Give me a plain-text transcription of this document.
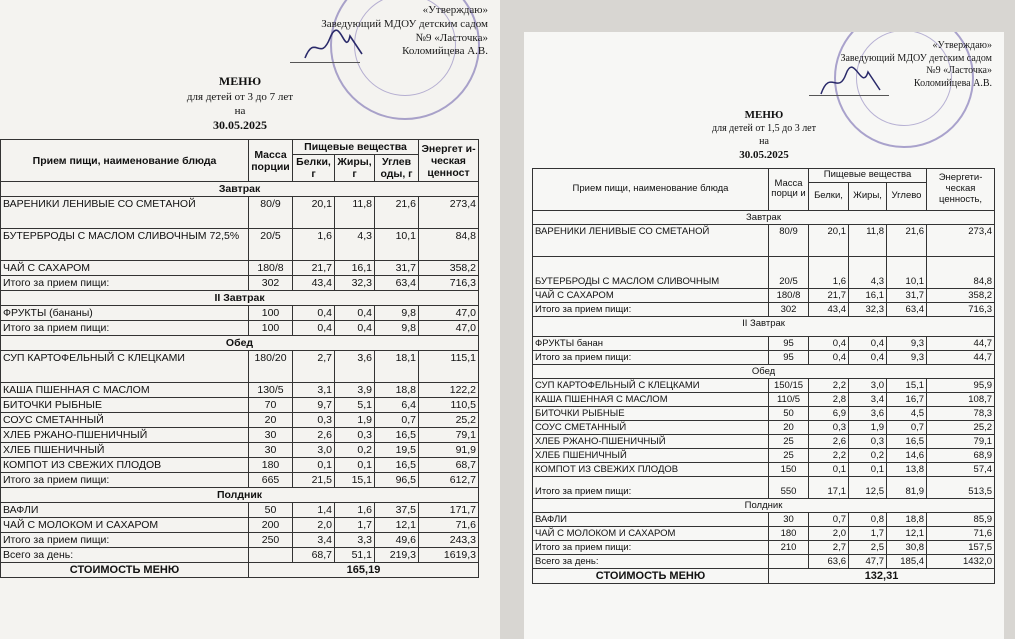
«Утверждаю»
Заведующий МДОУ детским садом
№9 «Ласточка»
Коломийцева А.В.
МЕНЮ
для детей от 3 до 7 лет
на
30.05.2025
Прием пищи, наименование блюда	Масса порции	Пищевые вещества			Энергет и-ческая ценност
		Белки, г	Жиры, г	Углев оды, г	
Завтрак					
ВАРЕНИКИ ЛЕНИВЫЕ СО СМЕТАНОЙ	80/9	20,1	11,8	21,6	273,4
БУТЕРБРОДЫ С МАСЛОМ СЛИВОЧНЫМ 72,5%	20/5	1,6	4,3	10,1	84,8
ЧАЙ С САХАРОМ	180/8	21,7	16,1	31,7	358,2
Итого за прием пищи:	302	43,4	32,3	63,4	716,3
II Завтрак					
ФРУКТЫ (бананы)	100	0,4	0,4	9,8	47,0
Итого за прием пищи:	100	0,4	0,4	9,8	47,0
Обед					
СУП КАРТОФЕЛЬНЫЙ С КЛЕЦКАМИ	180/20	2,7	3,6	18,1	115,1
КАША ПШЕННАЯ С МАСЛОМ	130/5	3,1	3,9	18,8	122,2
БИТОЧКИ РЫБНЫЕ	70	9,7	5,1	6,4	110,5
СОУС СМЕТАННЫЙ	20	0,3	1,9	0,7	25,2
ХЛЕБ РЖАНО-ПШЕНИЧНЫЙ	30	2,6	0,3	16,5	79,1
ХЛЕБ ПШЕНИЧНЫЙ	30	3,0	0,2	19,5	91,9
КОМПОТ ИЗ СВЕЖИХ ПЛОДОВ	180	0,1	0,1	16,5	68,7
Итого за прием пищи:	665	21,5	15,1	96,5	612,7
Полдник					
ВАФЛИ	50	1,4	1,6	37,5	171,7
ЧАЙ С МОЛОКОМ И САХАРОМ	200	2,0	1,7	12,1	71,6
Итого за прием пищи:	250	3,4	3,3	49,6	243,3
Всего за день:		68,7	51,1	219,3	1619,3
СТОИМОСТЬ МЕНЮ	165,19				
«Утверждаю»
Заведующий МДОУ детским садом
№9 «Ласточка»
Коломийцева А.В.
МЕНЮ
для детей от 1,5 до 3 лет
на
30.05.2025
Прием пищи, наименование блюда	Масса порци и	Пищевые вещества			Энергети-ческая ценность,
		Белки,	Жиры,	Углево	
Завтрак					
ВАРЕНИКИ ЛЕНИВЫЕ СО СМЕТАНОЙ	80/9	20,1	11,8	21,6	273,4
БУТЕРБРОДЫ С МАСЛОМ СЛИВОЧНЫМ	20/5	1,6	4,3	10,1	84,8
ЧАЙ С САХАРОМ	180/8	21,7	16,1	31,7	358,2
Итого за прием пищи:	302	43,4	32,3	63,4	716,3
II Завтрак					
ФРУКТЫ банан	95	0,4	0,4	9,3	44,7
Итого за прием пищи:	95	0,4	0,4	9,3	44,7
Обед					
СУП КАРТОФЕЛЬНЫЙ С КЛЕЦКАМИ	150/15	2,2	3,0	15,1	95,9
КАША ПШЕННАЯ С МАСЛОМ	110/5	2,8	3,4	16,7	108,7
БИТОЧКИ РЫБНЫЕ	50	6,9	3,6	4,5	78,3
СОУС СМЕТАННЫЙ	20	0,3	1,9	0,7	25,2
ХЛЕБ РЖАНО-ПШЕНИЧНЫЙ	25	2,6	0,3	16,5	79,1
ХЛЕБ ПШЕНИЧНЫЙ	25	2,2	0,2	14,6	68,9
КОМПОТ ИЗ СВЕЖИХ ПЛОДОВ	150	0,1	0,1	13,8	57,4
Итого за прием пищи:	550	17,1	12,5	81,9	513,5
Полдник					
ВАФЛИ	30	0,7	0,8	18,8	85,9
ЧАЙ С МОЛОКОМ И САХАРОМ	180	2,0	1,7	12,1	71,6
Итого за прием пищи:	210	2,7	2,5	30,8	157,5
Всего за день:		63,6	47,7	185,4	1432,0
СТОИМОСТЬ МЕНЮ	132,31				
